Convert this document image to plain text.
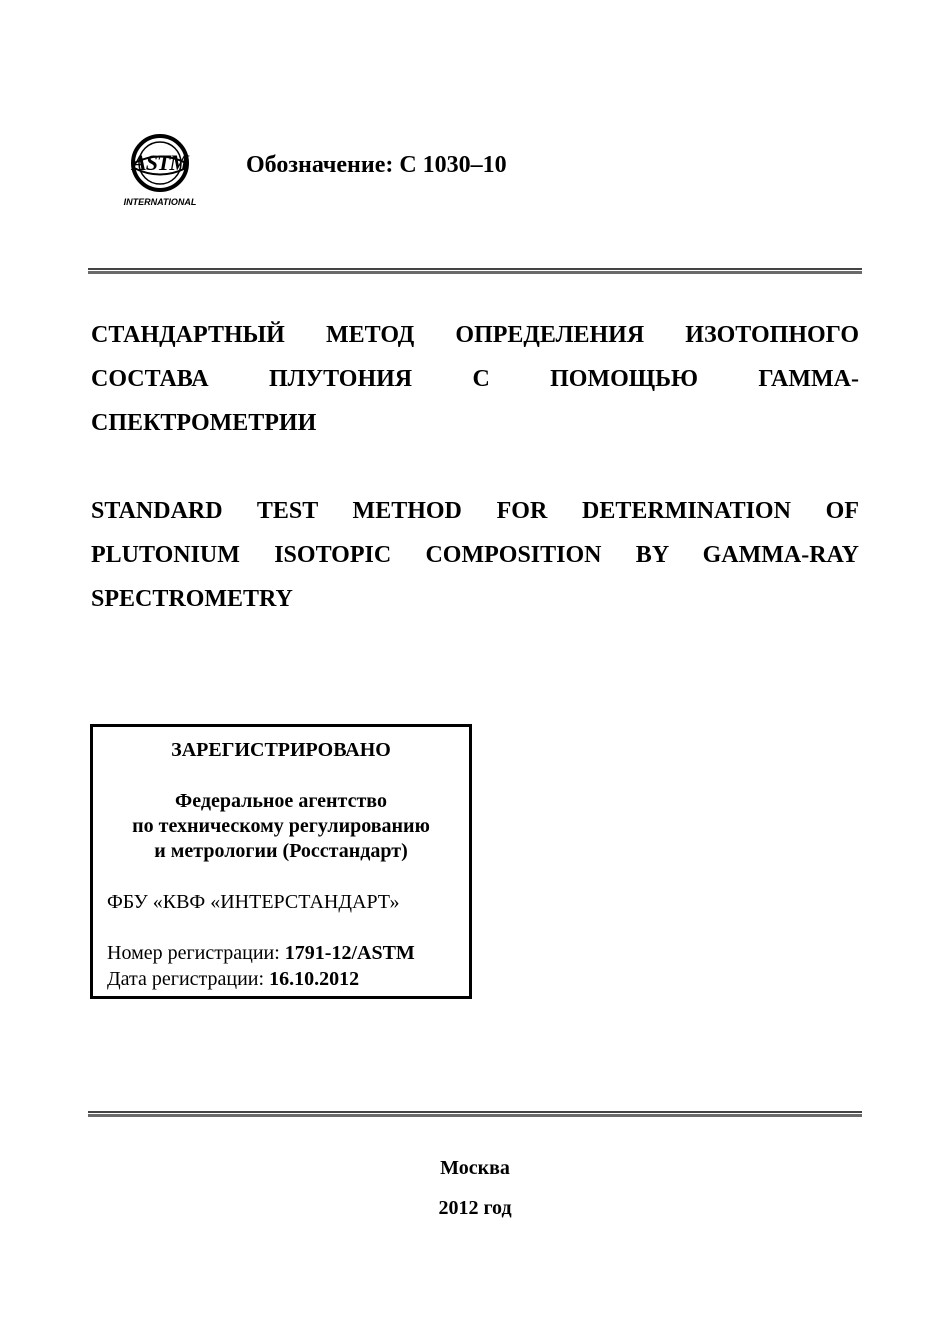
ASTM
INTERNATIONAL
Обозначение: С 1030–10
СТАНДАРТНЫЙ МЕТОД ОПРЕДЕЛЕНИЯ ИЗОТОПНОГО СОСТАВА ПЛУТОНИЯ С ПОМОЩЬЮ ГАММА-СПЕКТРОМЕТРИИ
STANDARD TEST METHOD FOR DETERMINATION OF PLUTONIUM ISOTOPIC COMPOSITION BY GAMMA-RAY SPECTROMETRY
ЗАРЕГИСТРИРОВАНО
Федеральное агентство
по техническому регулированию
и метрологии (Росстандарт)
ФБУ «КВФ «ИНТЕРСТАНДАРТ»
Номер регистрации: 1791-12/ASTM
Дата регистрации: 16.10.2012
Москва
2012 год
